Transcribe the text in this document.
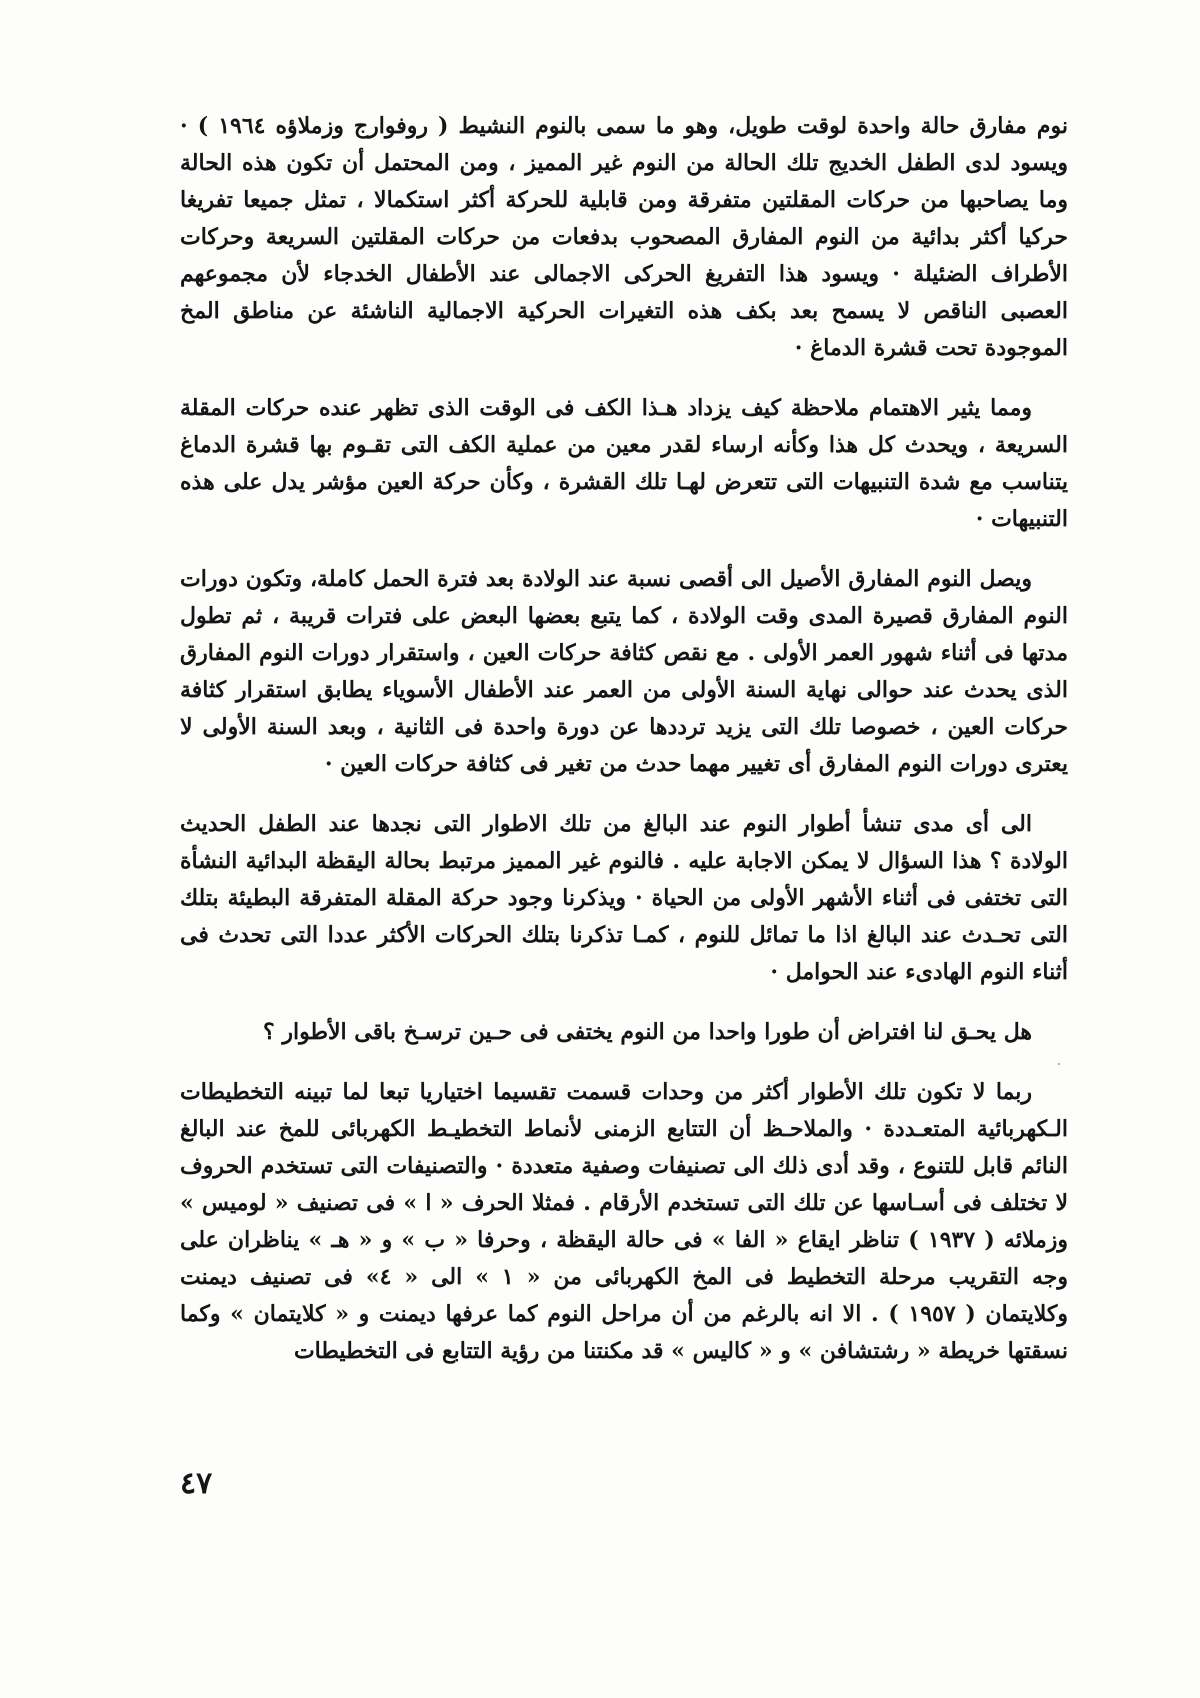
نوم مفارق حالة واحدة لوقت طويل، وهو ما سمى بالنوم النشيط ( روفوارج وزملاؤه ١٩٦٤ ) · ويسود لدى الطفل الخديج تلك الحالة من النوم غير المميز ، ومن المحتمل أن تكون هذه الحالة وما يصاحبها من حركات المقلتين متفرقة ومن قابلية للحركة أكثر استكمالا ، تمثل جميعا تفريغا حركيا أكثر بدائية من النوم المفارق المصحوب بدفعات من حركات المقلتين السريعة وحركات الأطراف الضئيلة · ويسود هذا التفريغ الحركى الاجمالى عند الأطفال الخدجاء لأن مجموعهم العصبى الناقص لا يسمح بعد بكف هذه التغيرات الحركية الاجمالية الناشئة عن مناطق المخ الموجودة تحت قشرة الدماغ ·

ومما يثير الاهتمام ملاحظة كيف يزداد هـذا الكف فى الوقت الذى تظهر عنده حركات المقلة السريعة ، ويحدث كل هذا وكأنه ارساء لقدر معين من عملية الكف التى تقـوم بها قشرة الدماغ يتناسب مع شدة التنبيهات التى تتعرض لهـا تلك القشرة ، وكأن حركة العين مؤشر يدل على هذه التنبيهات ·

ويصل النوم المفارق الأصيل الى أقصى نسبة عند الولادة بعد فترة الحمل كاملة، وتكون دورات النوم المفارق قصيرة المدى وقت الولادة ، كما يتبع بعضها البعض على فترات قريبة ، ثم تطول مدتها فى أثناء شهور العمر الأولى . مع نقص كثافة حركات العين ، واستقرار دورات النوم المفارق الذى يحدث عند حوالى نهاية السنة الأولى من العمر عند الأطفال الأسوياء يطابق استقرار كثافة حركات العين ، خصوصا تلك التى يزيد ترددها عن دورة واحدة فى الثانية ، وبعد السنة الأولى لا يعترى دورات النوم المفارق أى تغيير مهما حدث من تغير فى كثافة حركات العين ·

الى أى مدى تنشأ أطوار النوم عند البالغ من تلك الاطوار التى نجدها عند الطفل الحديث الولادة ؟ هذا السؤال لا يمكن الاجابة عليه . فالنوم غير المميز مرتبط بحالة اليقظة البدائية النشأة التى تختفى فى أثناء الأشهر الأولى من الحياة · ويذكرنا وجود حركة المقلة المتفرقة البطيئة بتلك التى تحـدث عند البالغ اذا ما تمائل للنوم ، كمـا تذكرنا بتلك الحركات الأكثر عددا التى تحدث فى أثناء النوم الهادىء عند الحوامل ·

هل يحـق لنا افتراض أن طورا واحدا من النوم يختفى فى حـين ترسـخ باقى الأطوار ؟

ربما لا تكون تلك الأطوار أكثر من وحدات قسمت تقسيما اختياريا تبعا لما تبينه التخطيطات الـكهربائية المتعـددة · والملاحـظ أن التتابع الزمنى لأنماط التخطيـط الكهربائى للمخ عند البالغ النائم قابل للتنوع ، وقد أدى ذلك الى تصنيفات وصفية متعددة · والتصنيفات التى تستخدم الحروف لا تختلف فى أسـاسها عن تلك التى تستخدم الأرقام . فمثلا الحرف « ا » فى تصنيف « لوميس » وزملائه ( ١٩٣٧ ) تناظر ايقاع « الفا » فى حالة اليقظة ، وحرفا « ب » و « هـ » يناظران على وجه التقريب مرحلة التخطيط فى المخ الكهربائى من « ١ » الى « ٤» فى تصنيف ديمنت وكلايتمان ( ١٩٥٧ ) . الا انه بالرغم من أن مراحل النوم كما عرفها ديمنت و « كلايتمان » وكما نسقتها خريطة « رشتشافن » و « كاليس » قد مكنتنا من رؤية التتابع فى التخطيطات

٤٧
